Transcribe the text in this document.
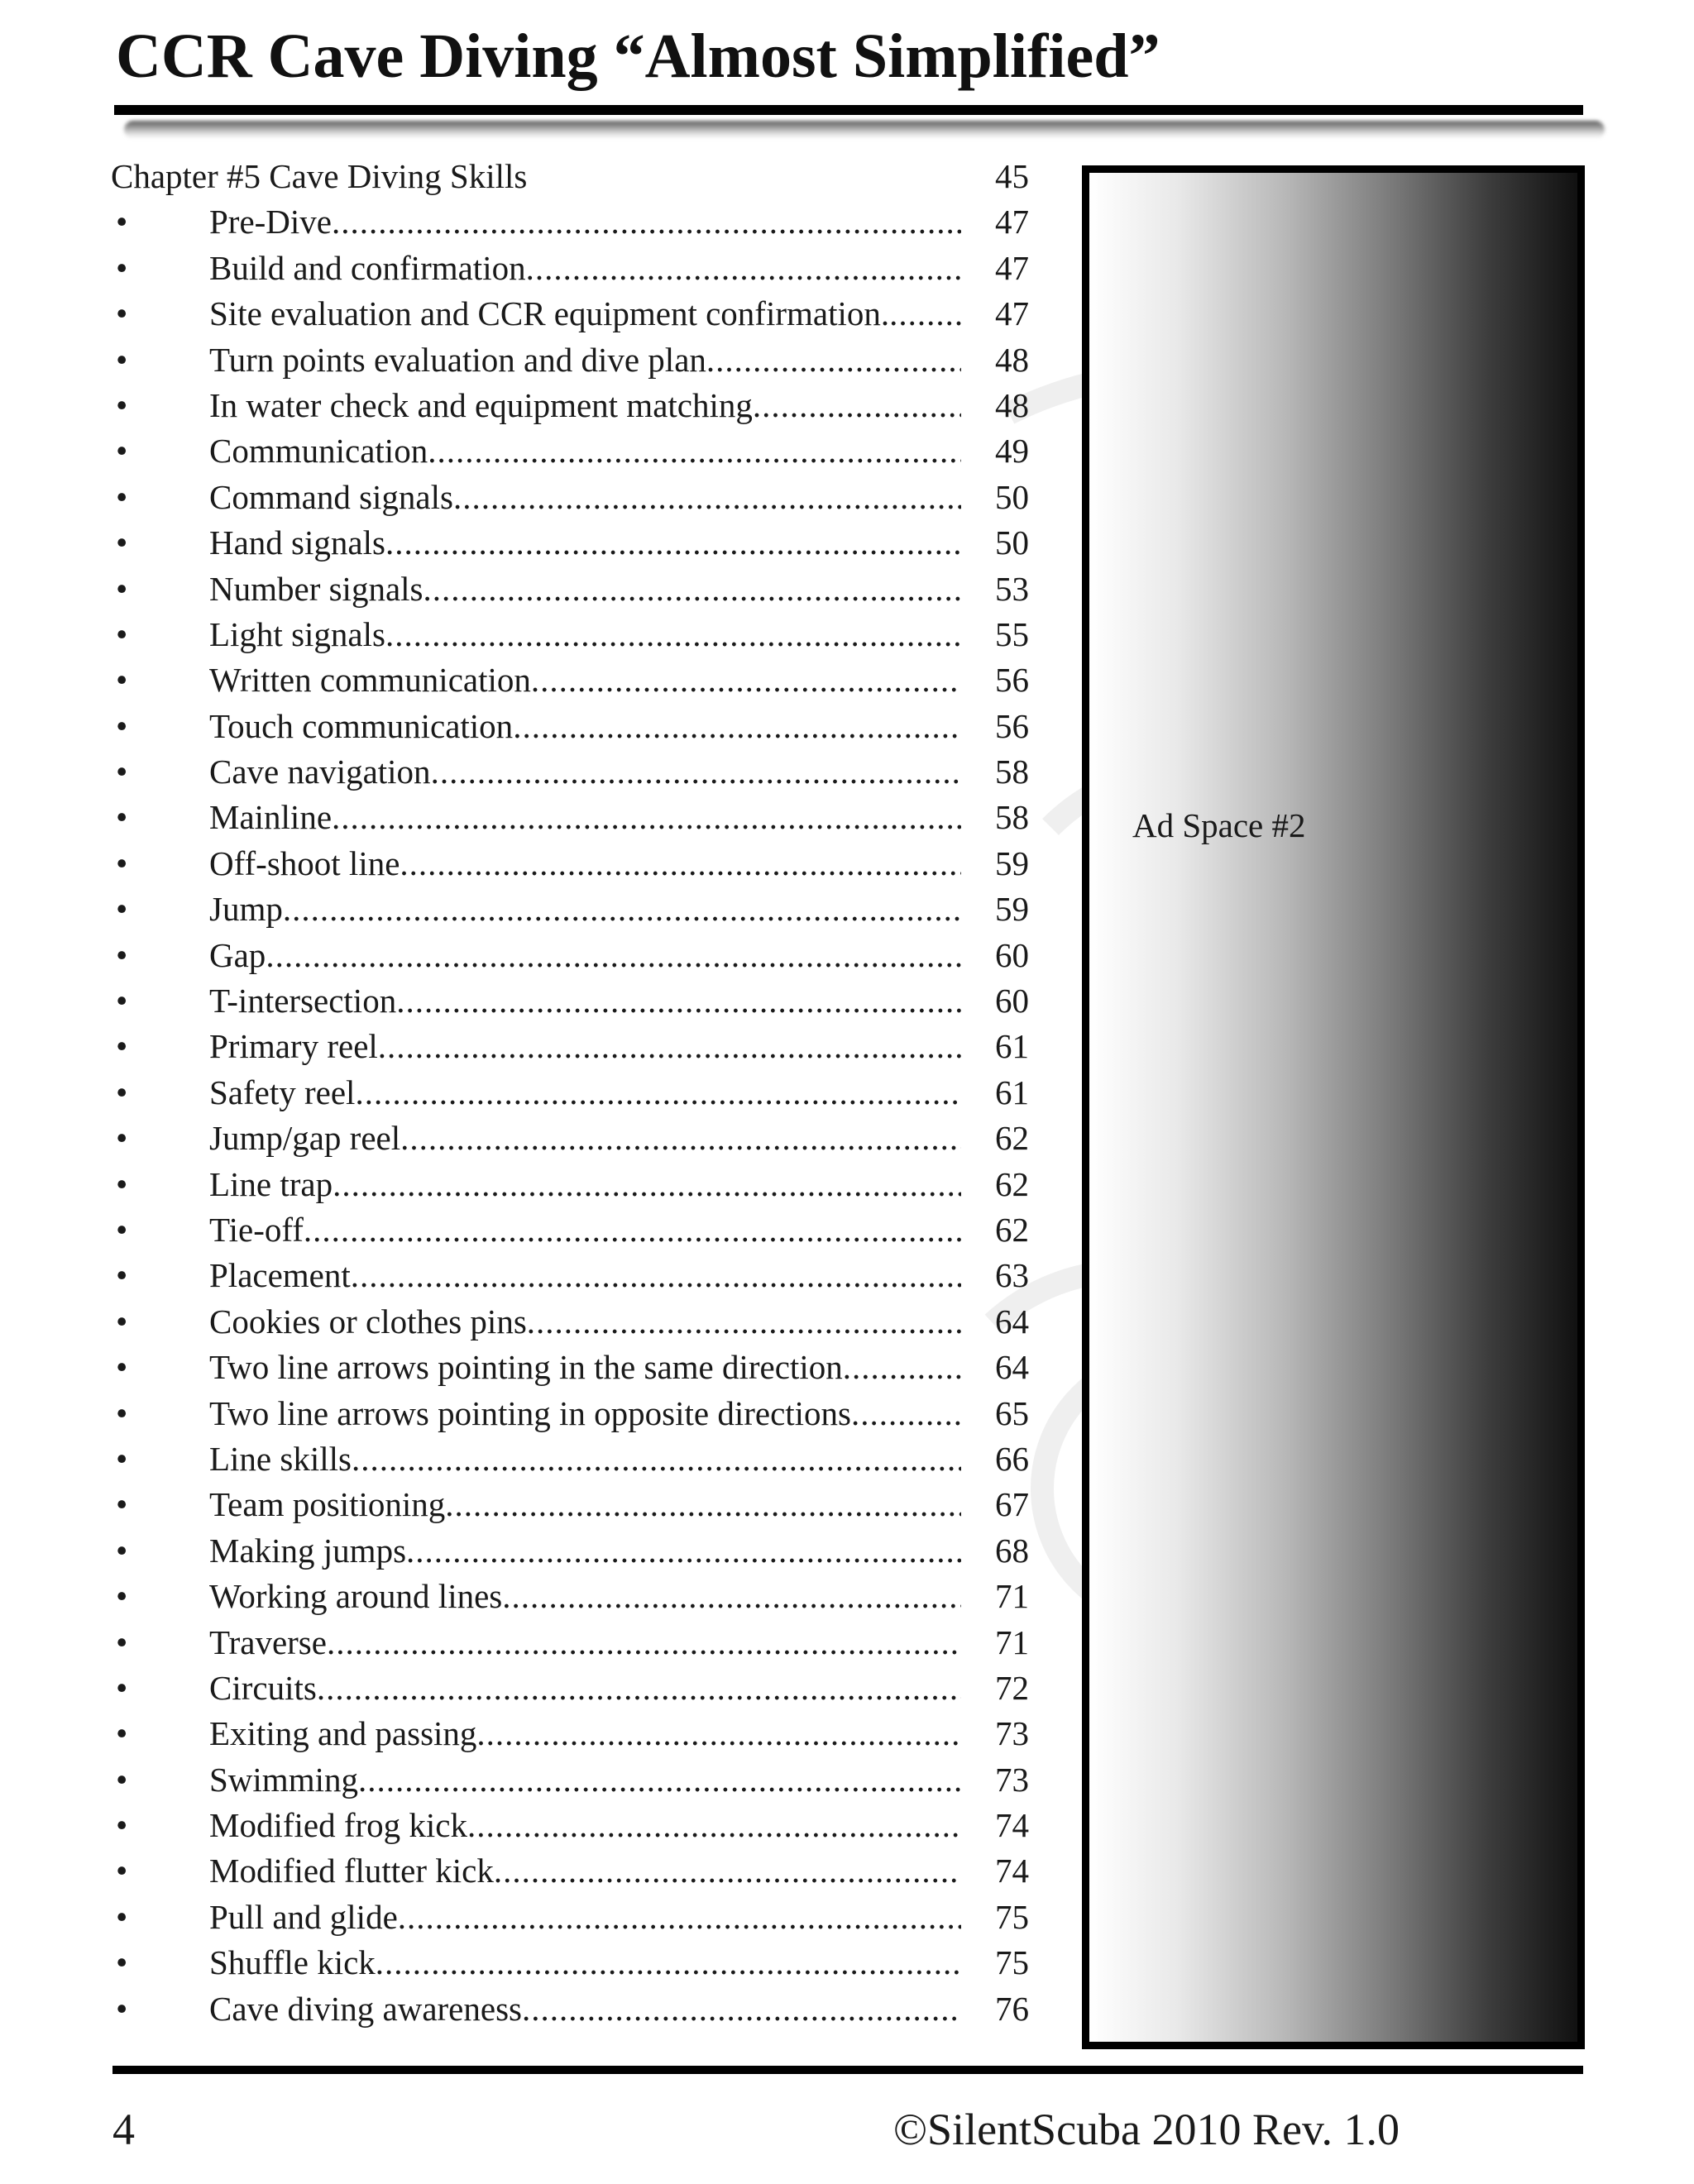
CCR Cave Diving “Almost Simplified”
Chapter #5 Cave Diving Skills	45
•	Pre-Dive .....	47
•	Build and confirmation .....	47
•	Site evaluation and CCR equipment confirmation. .....	47
•	Turn points evaluation and dive plan .....	48
•	In water check and equipment matching .....	48
•	Communication .....	49
•	Command signals .....	50
•	Hand signals .....	50
•	Number signals .....	53
•	Light signals .....	55
•	Written communication .....	56
•	Touch communication .....	56
•	Cave navigation .....	58
•	Mainline .....	58
•	Off-shoot line .....	59
•	Jump .....	59
•	Gap .....	60
•	T-intersection .....	60
•	Primary reel .....	61
•	Safety reel .....	61
•	Jump/gap reel .....	62
•	Line trap .....	62
•	Tie-off .....	62
•	Placement .....	63
•	Cookies or clothes pins .....	64
•	Two line arrows pointing in the same direction .....	64
•	Two line arrows pointing in opposite directions .....	65
•	Line skills .....	66
•	Team positioning .....	67
•	Making jumps .....	68
•	Working around lines .....	71
•	Traverse .....	71
•	Circuits .....	72
•	Exiting and passing .....	73
•	Swimming .....	73
•	Modified frog kick .....	74
•	Modified flutter kick .....	74
•	Pull and glide .....	75
•	Shuffle kick .....	75
•	Cave diving awareness .....	76
Ad Space #2
4	©SilentScuba 2010 Rev. 1.0
